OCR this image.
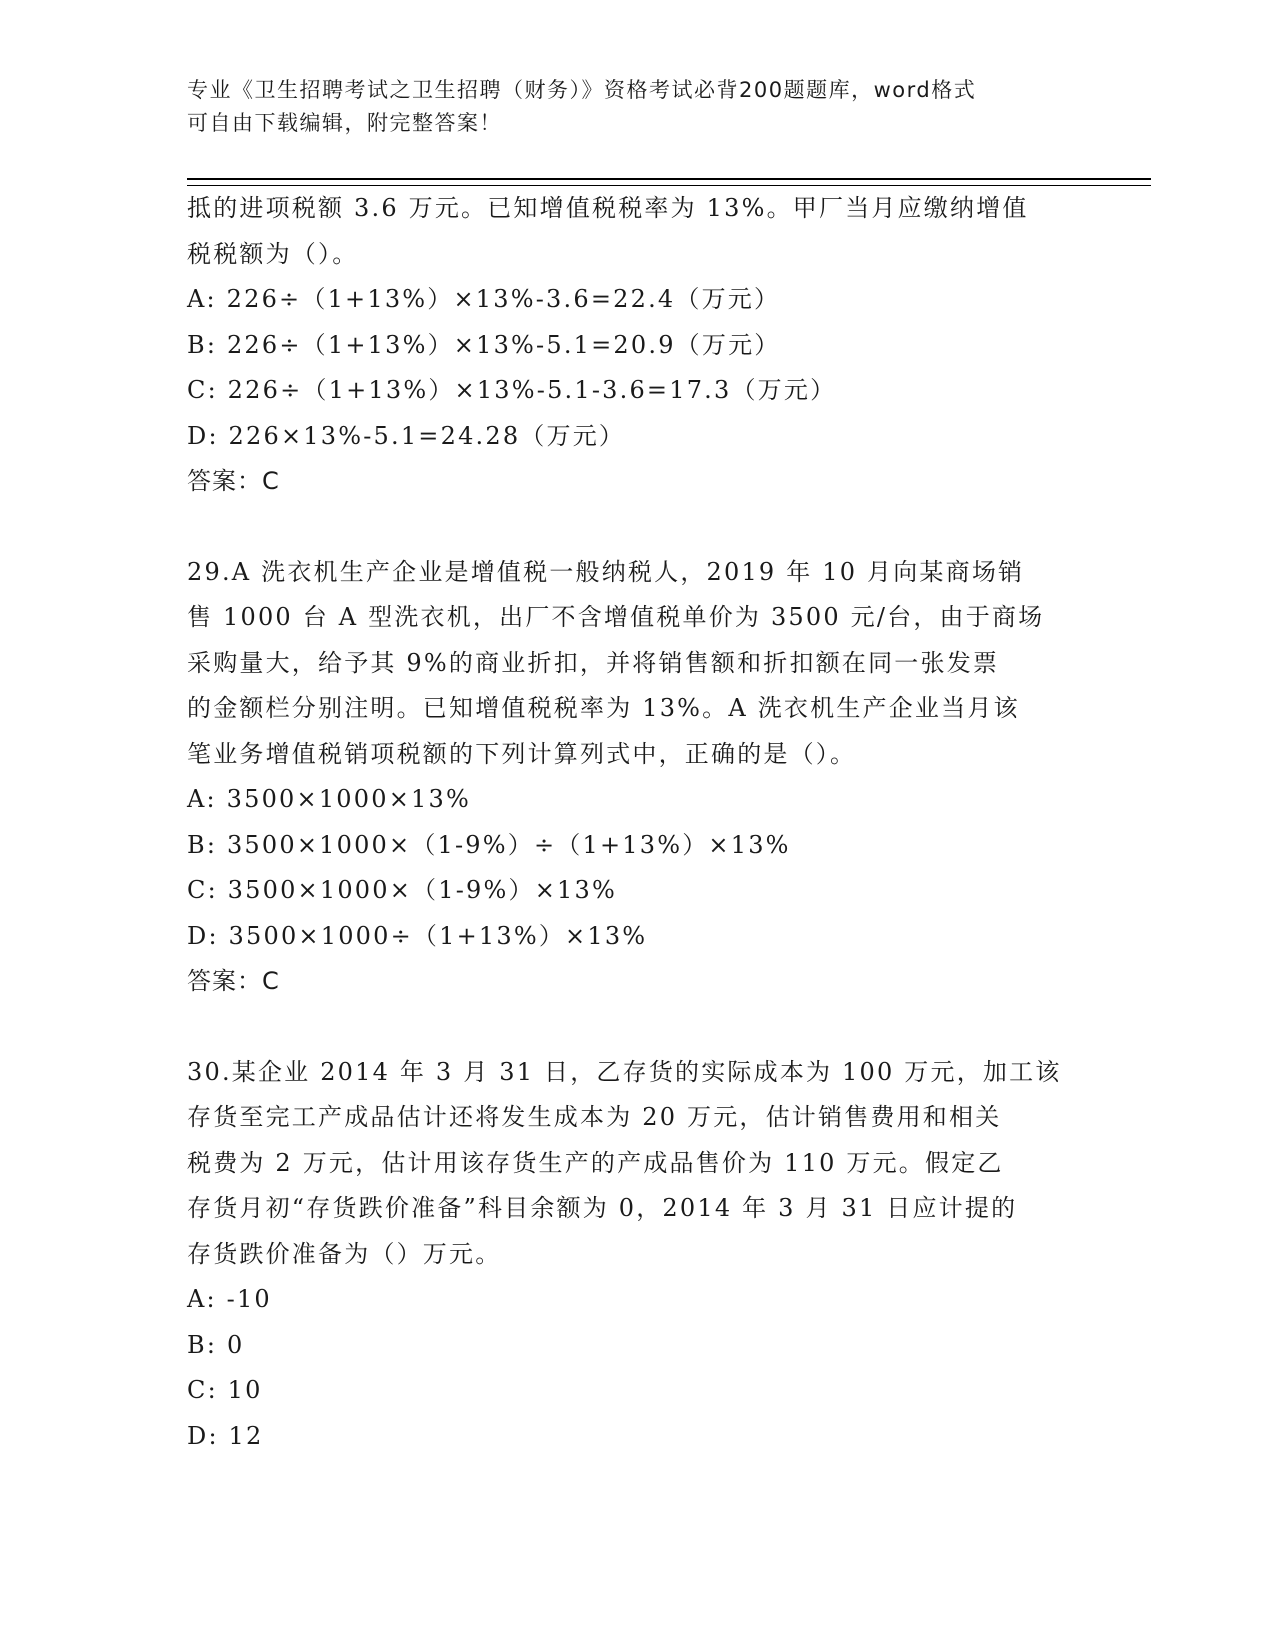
专业《卫生招聘考试之卫生招聘（财务）》资格考试必背200题题库，word格式
可自由下载编辑，附完整答案！
抵的进项税额 3.6 万元。已知增值税税率为 13%。甲厂当月应缴纳增值
税税额为（）。
A: 226÷（1+13%）×13%-3.6=22.4（万元）
B: 226÷（1+13%）×13%-5.1=20.9（万元）
C: 226÷（1+13%）×13%-5.1-3.6=17.3（万元）
D: 226×13%-5.1=24.28（万元）
答案：C
29.A 洗衣机生产企业是增值税一般纳税人，2019 年 10 月向某商场销
售 1000 台 A 型洗衣机，出厂不含增值税单价为 3500 元/台，由于商场
采购量大，给予其 9%的商业折扣，并将销售额和折扣额在同一张发票
的金额栏分别注明。已知增值税税率为 13%。A 洗衣机生产企业当月该
笔业务增值税销项税额的下列计算列式中，正确的是（）。
A: 3500×1000×13%
B: 3500×1000×（1-9%）÷（1+13%）×13%
C: 3500×1000×（1-9%）×13%
D: 3500×1000÷（1+13%）×13%
答案：C
30.某企业 2014 年 3 月 31 日，乙存货的实际成本为 100 万元，加工该
存货至完工产成品估计还将发生成本为 20 万元，估计销售费用和相关
税费为 2 万元，估计用该存货生产的产成品售价为 110 万元。假定乙
存货月初“存货跌价准备”科目余额为 0，2014 年 3 月 31 日应计提的
存货跌价准备为（）万元。
A: -10
B: 0
C: 10
D: 12
